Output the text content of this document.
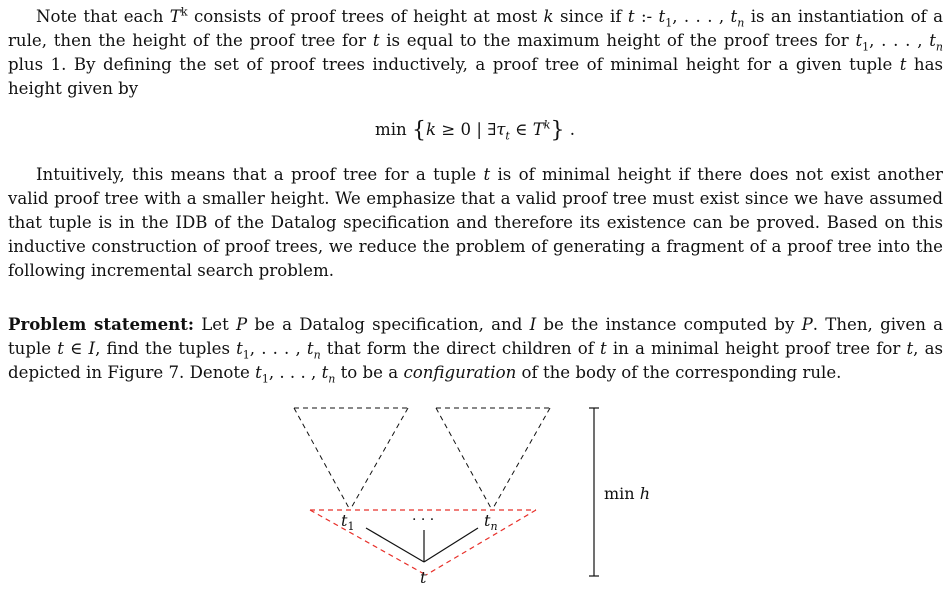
Note that each $T^k$ consists of proof trees of height at most k since if t :- $t_1$, . . . , $t_n$ is an instantiation of a rule, then the height of the proof tree for t is equal to the maximum height of the proof trees for $t_1$, . . . , $t_n$ plus 1. By defining the set of proof trees inductively, a proof tree of minimal height for a given tuple t has height given by

min {k ≥ 0 | $\exists\tau_t$ ∈ $T^k$} .

Intuitively, this means that a proof tree for a tuple t is of minimal height if there does not exist another valid proof tree with a smaller height. We emphasize that a valid proof tree must exist since we have assumed that tuple is in the IDB of the Datalog specification and therefore its existence can be proved. Based on this inductive construction of proof trees, we reduce the problem of generating a fragment of a proof tree into the following incremental search problem.

Problem statement: Let P be a Datalog specification, and I be the instance computed by P. Then, given a tuple t ∈ I, find the tuples $t_1$, . . . , $t_n$ that form the direct children of t in a minimal height proof tree for t, as depicted in Figure 7. Denote $t_1$, . . . , $t_n$ to be a configuration of the body of the corresponding rule.

$t_1$	· · ·	$t_n$
t
min h
